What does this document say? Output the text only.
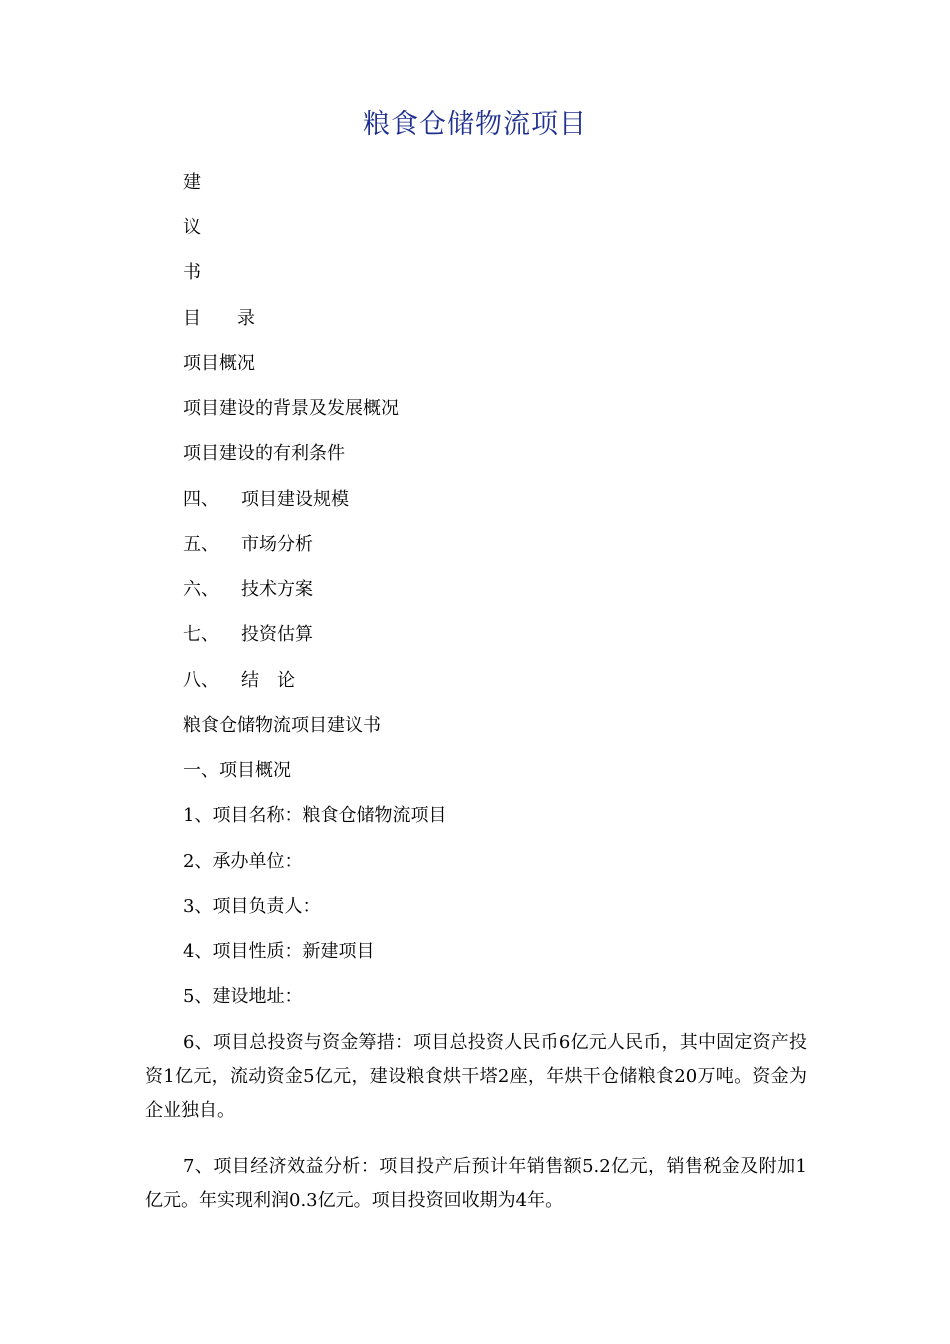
粮食仓储物流项目
建
议
书
目　　录
项目概况
项目建设的背景及发展概况
项目建设的有利条件
四、 项目建设规模
五、 市场分析
六、 技术方案
七、 投资估算
八、 结　论
粮食仓储物流项目建议书
一、项目概况
1、项目名称：粮食仓储物流项目
2、承办单位：
3、项目负责人：
4、项目性质：新建项目
5、建设地址：
6、项目总投资与资金筹措：项目总投资人民币6亿元人民币，其中固定资产投资1亿元，流动资金5亿元，建设粮食烘干塔2座，年烘干仓储粮食20万吨。资金为企业独自。
7、项目经济效益分析：项目投产后预计年销售额5.2亿元，销售税金及附加1亿元。年实现利润0.3亿元。项目投资回收期为4年。
